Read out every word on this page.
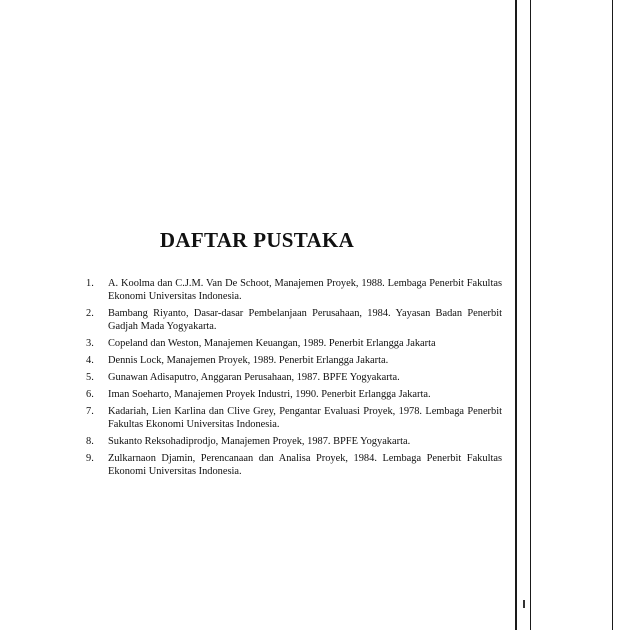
DAFTAR PUSTAKA
1. A. Koolma dan C.J.M. Van De Schoot, Manajemen Proyek, 1988. Lembaga Penerbit Fakultas Ekonomi Universitas Indonesia.
2. Bambang Riyanto, Dasar-dasar Pembelanjaan Perusahaan, 1984. Yayasan Badan Penerbit Gadjah Mada Yogyakarta.
3. Copeland dan Weston, Manajemen Keuangan, 1989. Penerbit Erlangga Jakarta
4. Dennis Lock, Manajemen Proyek, 1989. Penerbit Erlangga Jakarta.
5. Gunawan Adisaputro, Anggaran Perusahaan, 1987. BPFE Yogyakarta.
6. Iman Soeharto, Manajemen Proyek Industri, 1990. Penerbit Erlangga Jakarta.
7. Kadariah, Lien Karlina dan Clive Grey, Pengantar Evaluasi Proyek, 1978. Lembaga Penerbit Fakultas Ekonomi Universitas Indonesia.
8. Sukanto Reksohadiprodjo, Manajemen Proyek, 1987. BPFE Yogyakarta.
9. Zulkarnaon Djamin, Perencanaan dan Analisa Proyek, 1984. Lembaga Penerbit Fakultas Ekonomi Universitas Indonesia.
